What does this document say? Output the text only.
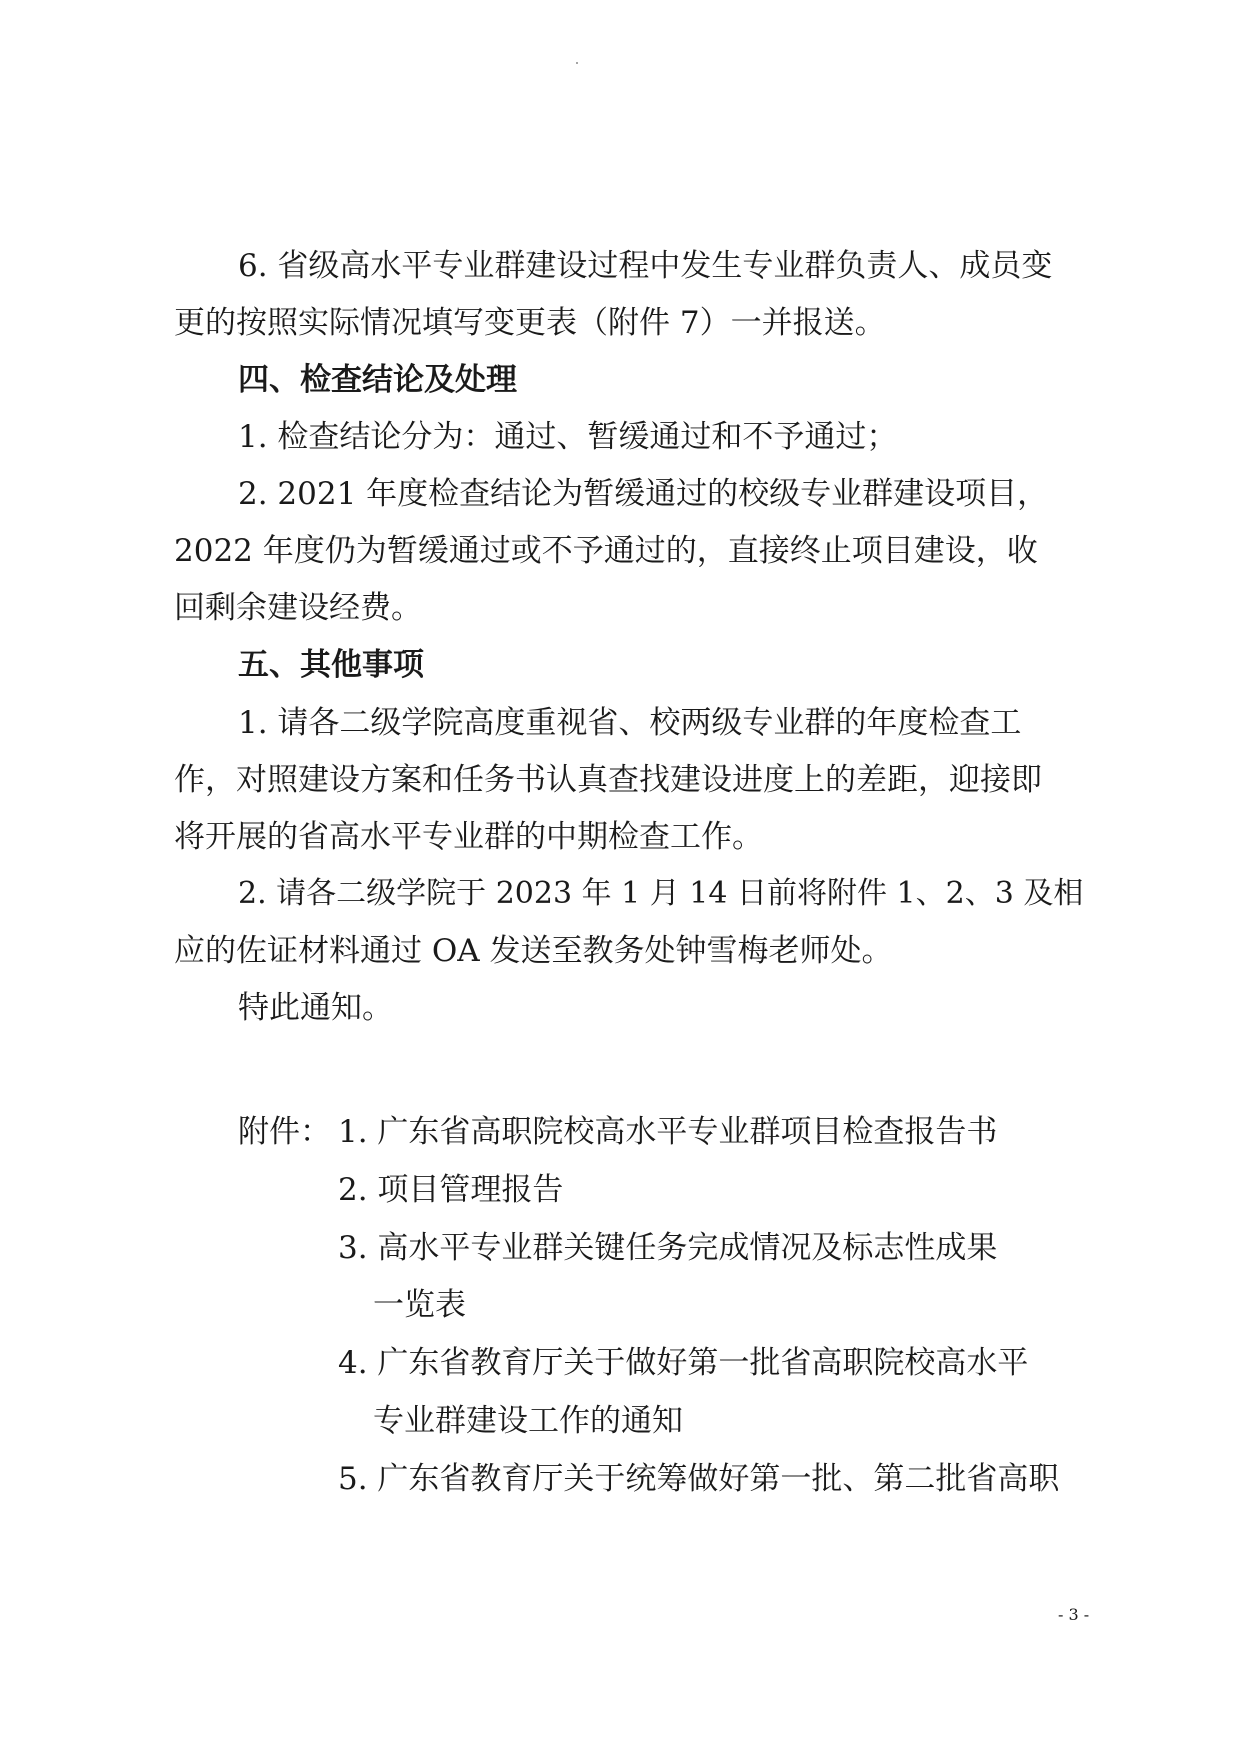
6. 省级高水平专业群建设过程中发生专业群负责人、成员变
更的按照实际情况填写变更表（附件 7）一并报送。
四、检查结论及处理
1. 检查结论分为：通过、暂缓通过和不予通过；
2. 2021 年度检查结论为暂缓通过的校级专业群建设项目，
2022 年度仍为暂缓通过或不予通过的，直接终止项目建设，收
回剩余建设经费。
五、其他事项
1. 请各二级学院高度重视省、校两级专业群的年度检查工
作，对照建设方案和任务书认真查找建设进度上的差距，迎接即
将开展的省高水平专业群的中期检查工作。
2. 请各二级学院于 2023 年 1 月 14 日前将附件 1、2、3 及相
应的佐证材料通过 OA 发送至教务处钟雪梅老师处。
特此通知。
附件： 1. 广东省高职院校高水平专业群项目检查报告书
2. 项目管理报告
3. 高水平专业群关键任务完成情况及标志性成果
一览表
4. 广东省教育厅关于做好第一批省高职院校高水平
专业群建设工作的通知
5. 广东省教育厅关于统筹做好第一批、第二批省高职
- 3 -
